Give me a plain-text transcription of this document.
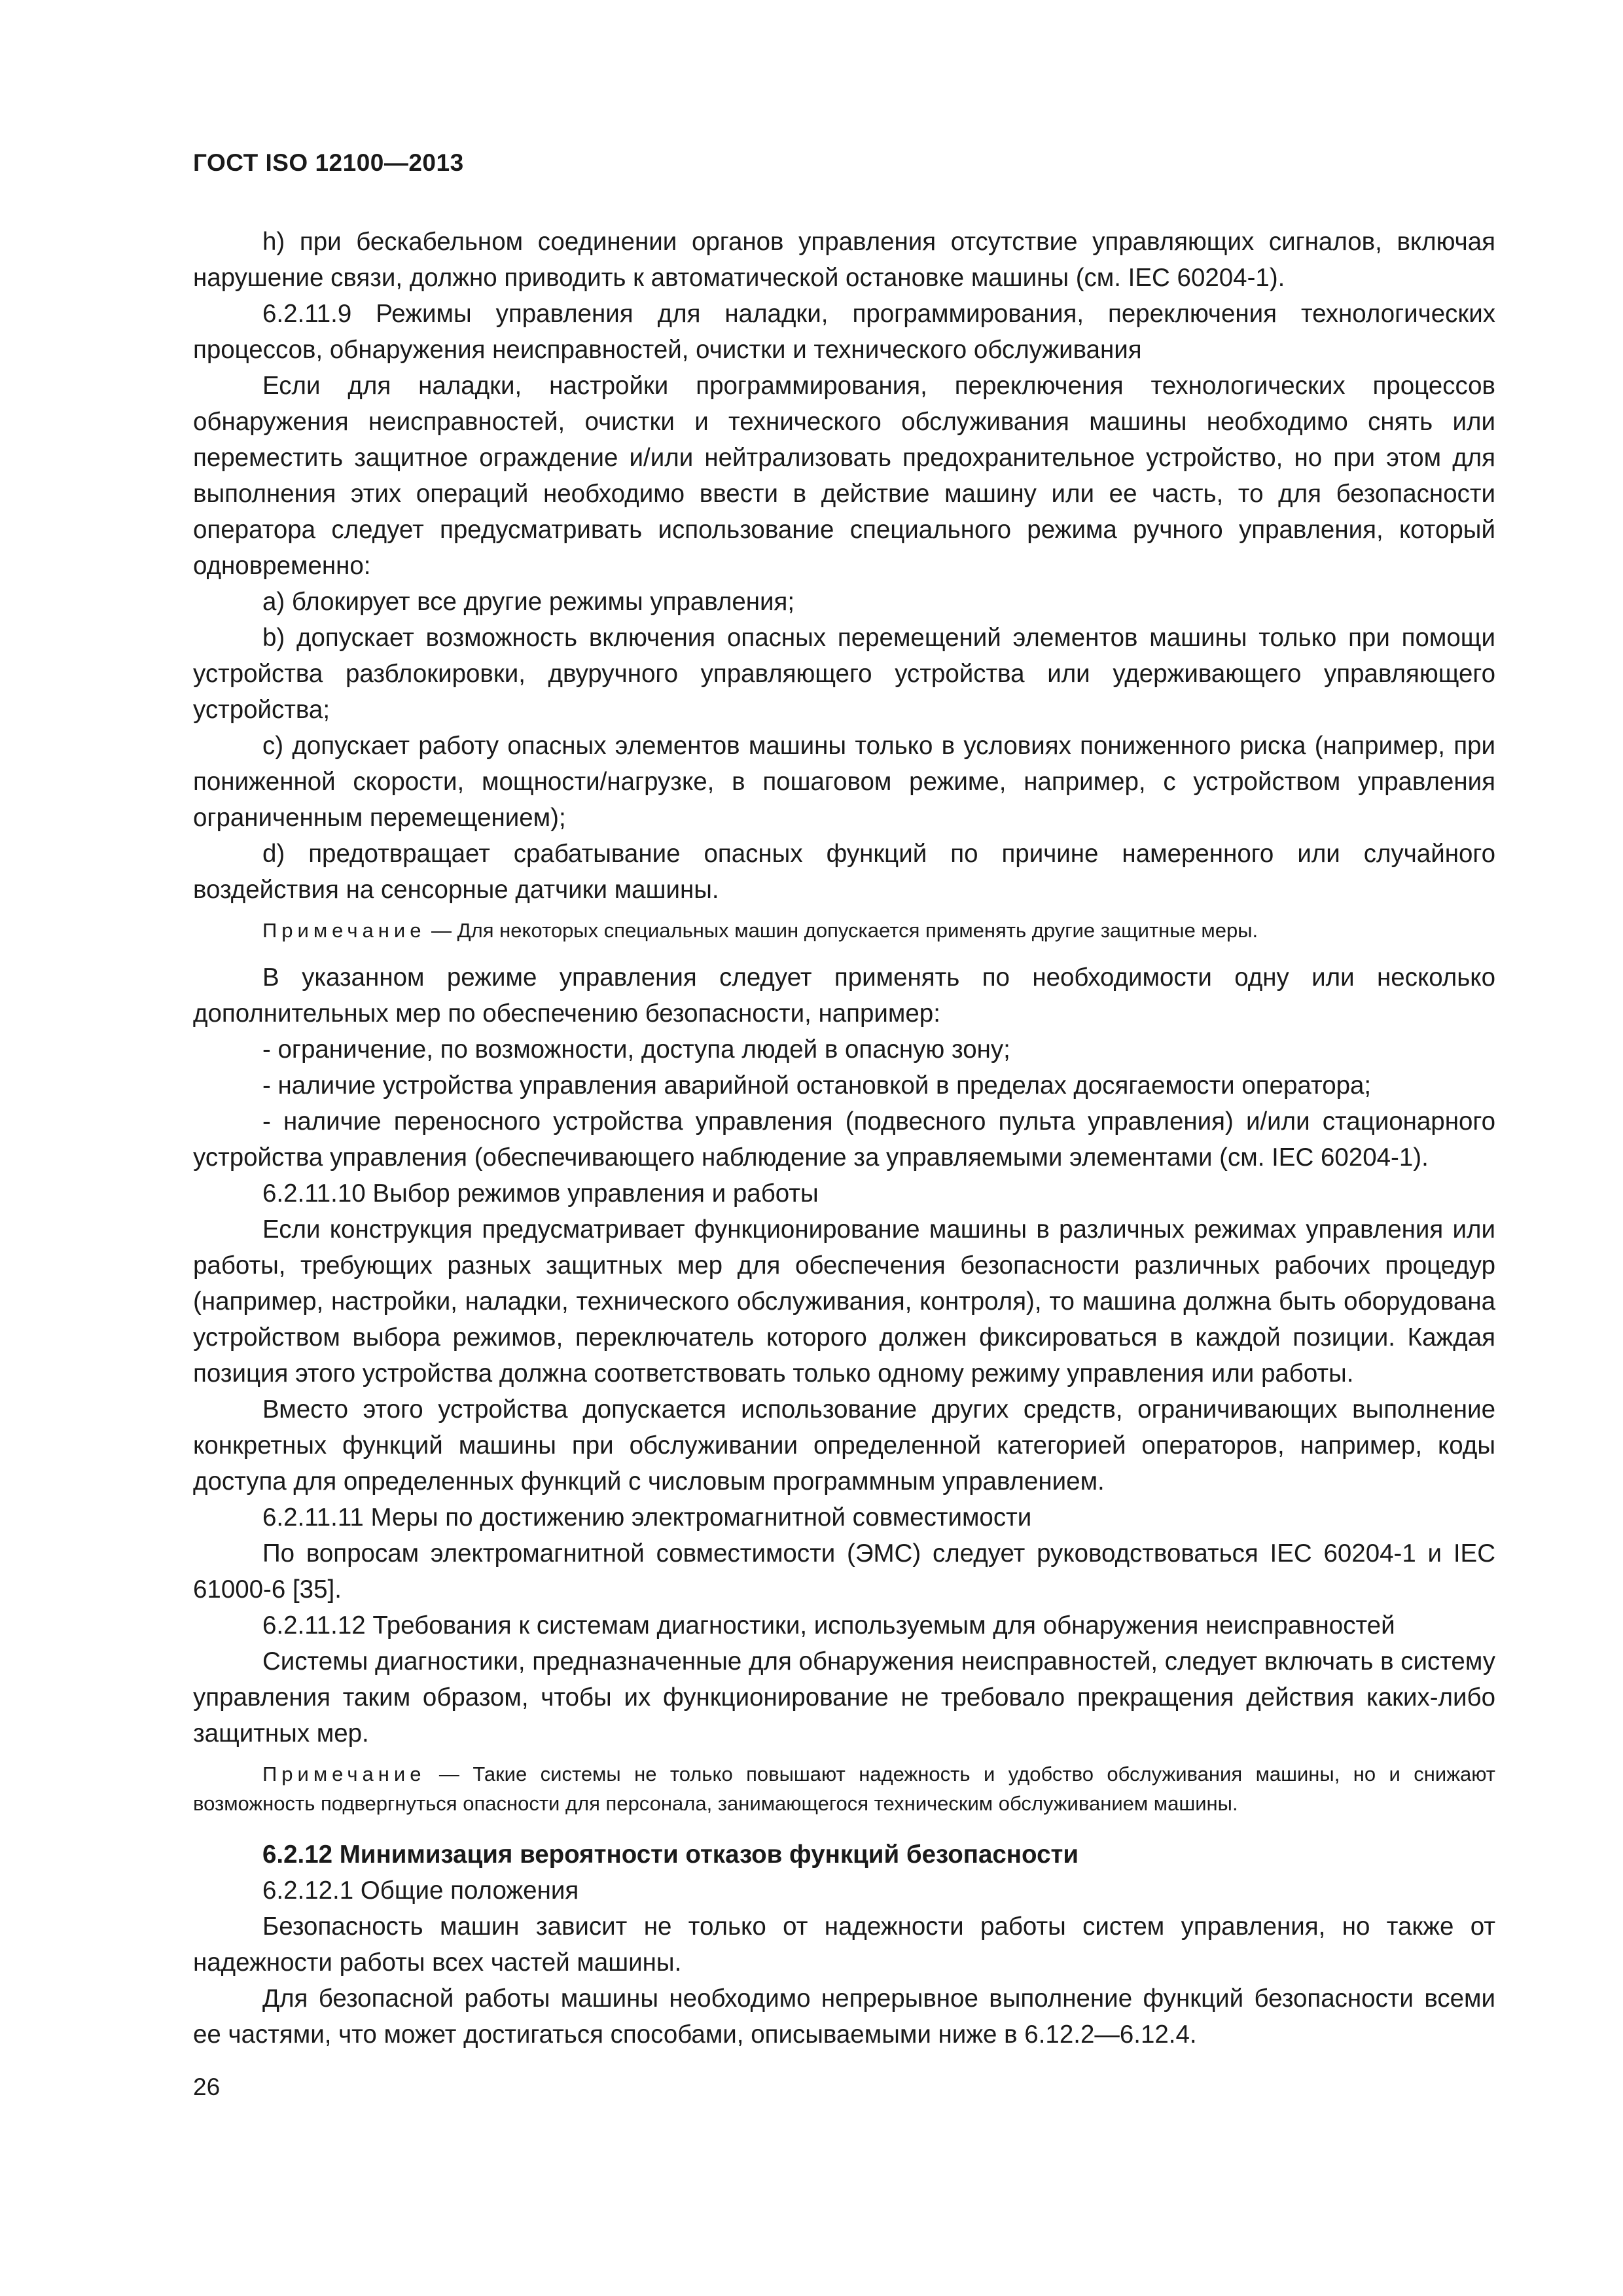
ГОСТ ISO 12100—2013

h) при бескабельном соединении органов управления отсутствие управляющих сигналов, включая нарушение связи, должно приводить к автоматической остановке машины (см. IEC 60204-1).

6.2.11.9 Режимы управления для наладки, программирования, переключения технологических процессов, обнаружения неисправностей, очистки и технического обслуживания

Если для наладки, настройки программирования, переключения технологических процессов обнаружения неисправностей, очистки и технического обслуживания машины необходимо снять или переместить защитное ограждение и/или нейтрализовать предохранительное устройство, но при этом для выполнения этих операций необходимо ввести в действие машину или ее часть, то для безопасности оператора следует предусматривать использование специального режима ручного управления, который одновременно:

a) блокирует все другие режимы управления;

b) допускает возможность включения опасных перемещений элементов машины только при помощи устройства разблокировки, двуручного управляющего устройства или удерживающего управляющего устройства;

c) допускает работу опасных элементов машины только в условиях пониженного риска (например, при пониженной скорости, мощности/нагрузке, в пошаговом режиме, например, с устройством управления ограниченным перемещением);

d) предотвращает срабатывание опасных функций по причине намеренного или случайного воздействия на сенсорные датчики машины.

Примечание — Для некоторых специальных машин допускается применять другие защитные меры.

В указанном режиме управления следует применять по необходимости одну или несколько дополнительных мер по обеспечению безопасности, например:

- ограничение, по возможности, доступа людей в опасную зону;

- наличие устройства управления аварийной остановкой в пределах досягаемости оператора;

- наличие переносного устройства управления (подвесного пульта управления) и/или стационарного устройства управления (обеспечивающего наблюдение за управляемыми элементами (см. IEC 60204-1).

6.2.11.10 Выбор режимов управления и работы

Если конструкция предусматривает функционирование машины в различных режимах управления или работы, требующих разных защитных мер для обеспечения безопасности различных рабочих процедур (например, настройки, наладки, технического обслуживания, контроля), то машина должна быть оборудована устройством выбора режимов, переключатель которого должен фиксироваться в каждой позиции. Каждая позиция этого устройства должна соответствовать только одному режиму управления или работы.

Вместо этого устройства допускается использование других средств, ограничивающих выполнение конкретных функций машины при обслуживании определенной категорией операторов, например, коды доступа для определенных функций с числовым программным управлением.

6.2.11.11 Меры по достижению электромагнитной совместимости

По вопросам электромагнитной совместимости (ЭМС) следует руководствоваться IEC 60204-1 и IEC 61000-6 [35].

6.2.11.12 Требования к системам диагностики, используемым для обнаружения неисправностей

Системы диагностики, предназначенные для обнаружения неисправностей, следует включать в систему управления таким образом, чтобы их функционирование не требовало прекращения действия каких-либо защитных мер.

Примечание — Такие системы не только повышают надежность и удобство обслуживания машины, но и снижают возможность подвергнуться опасности для персонала, занимающегося техническим обслуживанием машины.

6.2.12 Минимизация вероятности отказов функций безопасности

6.2.12.1 Общие положения

Безопасность машин зависит не только от надежности работы систем управления, но также от надежности работы всех частей машины.

Для безопасной работы машины необходимо непрерывное выполнение функций безопасности всеми ее частями, что может достигаться способами, описываемыми ниже в 6.12.2—6.12.4.

26
